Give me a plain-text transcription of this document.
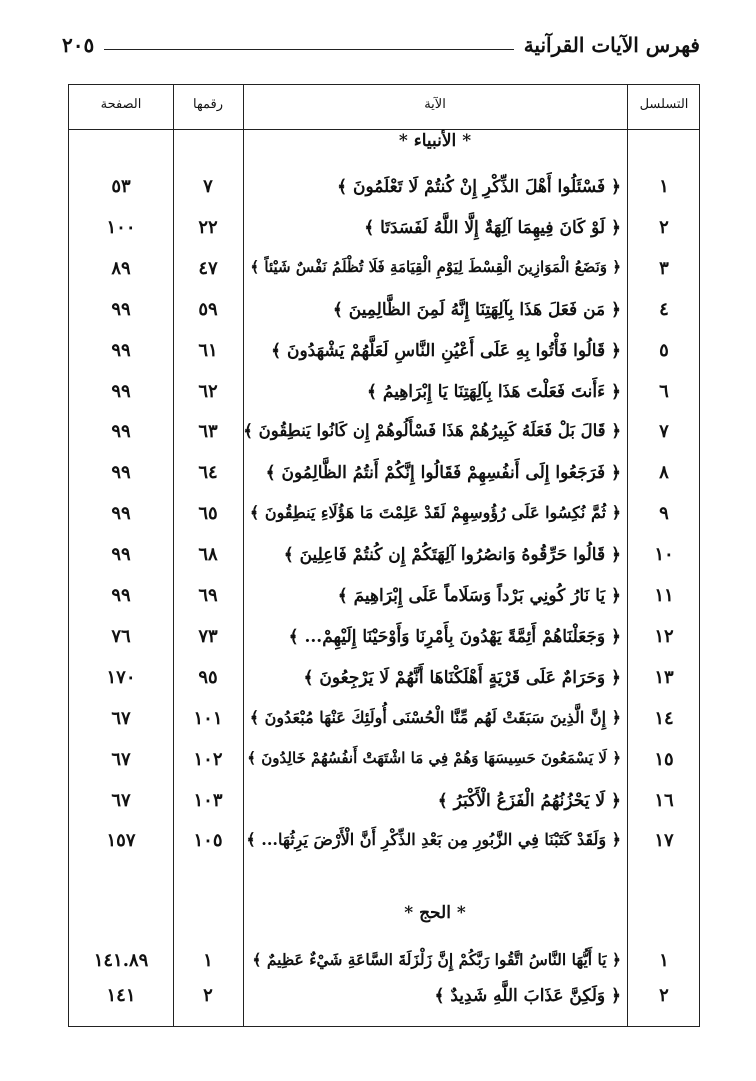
فهرس الآيات القرآنية
٢٠٥
التسلسل
الآية
رقمها
الصفحة
* الأنبياء *
١
﴿ فَسْئَلُوا أَهْلَ الذِّكْرِ إِنْ كُنتُمْ لَا تَعْلَمُونَ ﴾
٧
٥٣
٢
﴿ لَوْ كَانَ فِيهِمَا آلِهَةٌ إِلَّا اللَّهُ لَفَسَدَتَا ﴾
٢٢
١٠٠
٣
﴿ وَنَضَعُ الْمَوَازِينَ الْقِسْطَ لِيَوْمِ الْقِيَامَةِ فَلَا تُظْلَمُ نَفْسٌ شَيْئاً ﴾
٤٧
٨٩
٤
﴿ مَن فَعَلَ هَذَا بِآلِهَتِنَا إِنَّهُ لَمِنَ الظَّالِمِينَ ﴾
٥٩
٩٩
٥
﴿ قَالُوا فَأْتُوا بِهِ عَلَى أَعْيُنِ النَّاسِ لَعَلَّهُمْ يَشْهَدُونَ ﴾
٦١
٩٩
٦
﴿ ءَأَنتَ فَعَلْتَ هَذَا بِآلِهَتِنَا يَا إِبْرَاهِيمُ ﴾
٦٢
٩٩
٧
﴿ قَالَ بَلْ فَعَلَهُ كَبِيرُهُمْ هَذَا فَسْأَلُوهُمْ إِن كَانُوا يَنطِقُونَ ﴾
٦٣
٩٩
٨
﴿ فَرَجَعُوا إِلَى أَنفُسِهِمْ فَقَالُوا إِنَّكُمْ أَنتُمُ الظَّالِمُونَ ﴾
٦٤
٩٩
٩
﴿ ثُمَّ نُكِسُوا عَلَى رُؤُوسِهِمْ لَقَدْ عَلِمْتَ مَا هَؤُلَاءِ يَنطِقُونَ ﴾
٦٥
٩٩
١٠
﴿ قَالُوا حَرِّقُوهُ وَانصُرُوا آلِهَتَكُمْ إِن كُنتُمْ فَاعِلِينَ ﴾
٦٨
٩٩
١١
﴿ يَا نَارُ كُونِي بَرْداً وَسَلَاماً عَلَى إِبْرَاهِيمَ ﴾
٦٩
٩٩
١٢
﴿ وَجَعَلْنَاهُمْ أَئِمَّةً يَهْدُونَ بِأَمْرِنَا وَأَوْحَيْنَا إِلَيْهِمْ... ﴾
٧٣
٧٦
١٣
﴿ وَحَرَامٌ عَلَى قَرْيَةٍ أَهْلَكْنَاهَا أَنَّهُمْ لَا يَرْجِعُونَ ﴾
٩٥
١٧٠
١٤
﴿ إِنَّ الَّذِينَ سَبَقَتْ لَهُم مِّنَّا الْحُسْنَى أُولَئِكَ عَنْهَا مُبْعَدُونَ ﴾
١٠١
٦٧
١٥
﴿ لَا يَسْمَعُونَ حَسِيسَهَا وَهُمْ فِي مَا اشْتَهَتْ أَنفُسُهُمْ خَالِدُونَ ﴾
١٠٢
٦٧
١٦
﴿ لَا يَحْزُنُهُمُ الْفَزَعُ الْأَكْبَرُ ﴾
١٠٣
٦٧
١٧
﴿ وَلَقَدْ كَتَبْنَا فِي الزَّبُورِ مِن بَعْدِ الذِّكْرِ أَنَّ الْأَرْضَ يَرِثُهَا... ﴾
١٠٥
١٥٧
* الحج *
١
﴿ يَا أَيُّهَا النَّاسُ اتَّقُوا رَبَّكُمْ إِنَّ زَلْزَلَةَ السَّاعَةِ شَيْءٌ عَظِيمٌ ﴾
١
١٤١.٨٩
٢
﴿ وَلَكِنَّ عَذَابَ اللَّهِ شَدِيدٌ ﴾
٢
١٤١
